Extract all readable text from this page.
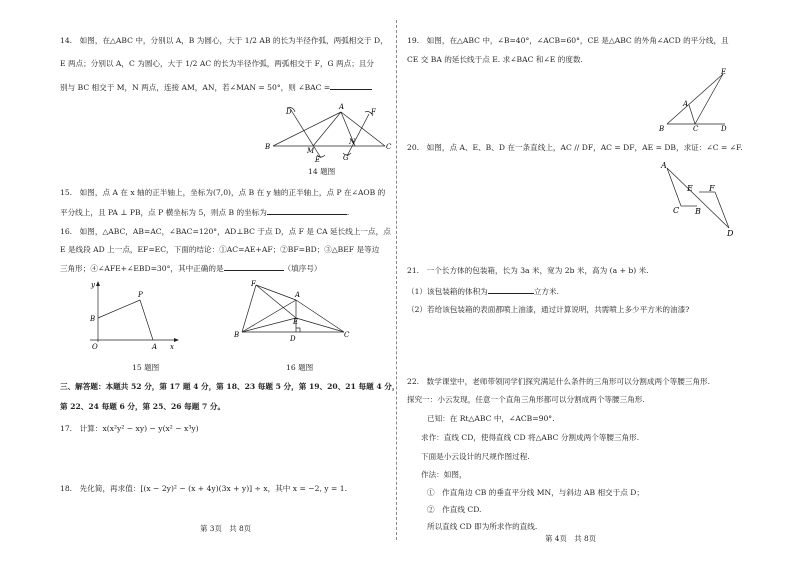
14.　如图，在△ABC 中，分别以 A，B 为圆心，大于 1/2 AB 的长为半径作弧，两弧相交于 D，
E 两点；分别以 A，C 为圆心，大于 1/2 AC 的长为半径作弧，两弧相交于 F，G 两点；且分
别与 BC 相交于 M，N 两点，连接 AM，AN，若∠MAN = 50°，则 ∠BAC =
D
A
F
B	C
M
N
E	G
14 题图
15.　如图，点 A 在 x 轴的正半轴上，坐标为(7,0)，点 B 在 y 轴的正半轴上，点 P 在∠AOB 的
平分线上，且 PA ⊥ PB，点 P 横坐标为 5，则点 B 的坐标为	.
16.　如图，△ABC，AB=AC，∠BAC=120°，AD⊥BC 于点 D，点 F 是 CA 延长线上一点，点
E 是线段 AD 上一点，EF=EC，下面的结论：①AC=AE+AF；②BF=BD；③△BEF 是等边
三角形；④∠AFE+∠EBD=30°，其中正确的是	（填序号）
y
x
O
B
P
A
15 题图
F
A
E
B	D	C
16 题图
三、解答题：本题共 52 分，第 17 题 4 分，第 18、23 每题 5 分，第 19、20、21 每题 4 分，
第 22、24 每题 6 分，第 25、26 每题 7 分。
17.　计算：x(x²y² − xy) − y(x² − x³y)
18.　先化简，再求值：[(x − 2y)² − (x + 4y)(3x + y)] ÷ x，其中 x = −2, y = 1.
第 3页　共 8页
19.　如图，在△ABC 中，∠B=40°，∠ACB=60°，CE 是△ABC 的外角∠ACD 的平分线，且
CE 交 BA 的延长线于点 E. 求∠BAC 和∠E 的度数.
E
A
B	C	D
20.　如图，点 A、E、B、D 在一条直线上，AC // DF，AC = DF，AE = DB，求证：∠C = ∠F.
A
E F
C B
D
21.　一个长方体的包装箱，长为 3a 米，宽为 2b 米，高为 (a + b) 米.
（1）该包装箱的体积为	立方米.
（2）若给该包装箱的表面都喷上油漆，通过计算说明，共需喷上多少平方米的油漆?
22.　数学课堂中，老师带领同学们探究满足什么条件的三角形可以分割成两个等腰三角形.
探究一：小云发现，任意一个直角三角形都可以分割成两个等腰三角形.
已知：在 Rt△ABC 中，∠ACB=90°.
求作：直线 CD，使得直线 CD 将△ABC 分割成两个等腰三角形.
下面是小云设计的尺规作图过程.
作法：如图，
①　作直角边 CB 的垂直平分线 MN，与斜边 AB 相交于点 D；
②　作直线 CD.
所以直线 CD 即为所求作的直线.
第 4页　共 8页
